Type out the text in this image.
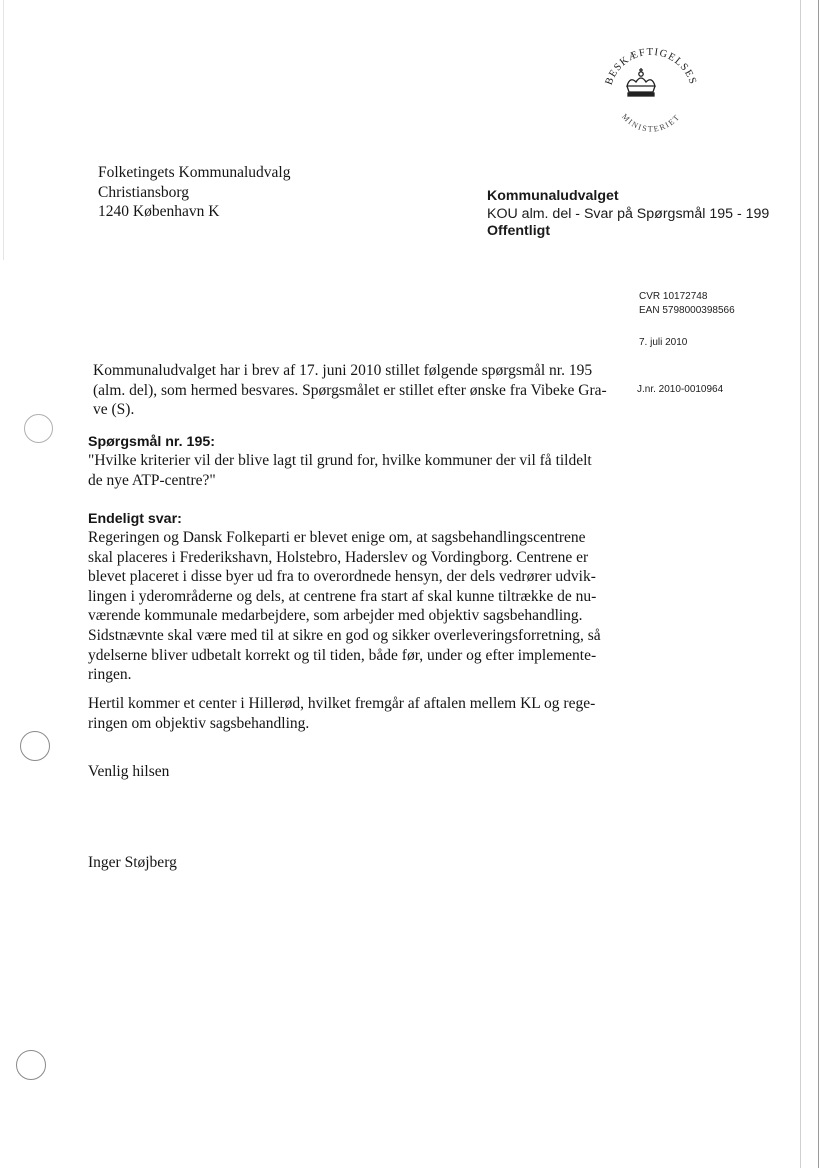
BESKÆFTIGELSES
MINISTERIET
Folketingets Kommunaludvalg
Christiansborg
1240 København K
Kommunaludvalget
KOU alm. del - Svar på Spørgsmål 195 - 199
Offentligt
CVR 10172748
EAN 5798000398566
7. juli 2010
J.nr. 2010-0010964
Kommunaludvalget har i brev af 17. juni 2010 stillet følgende spørgsmål nr. 195
(alm. del), som hermed besvares. Spørgsmålet er stillet efter ønske fra Vibeke Gra-
ve (S).
Spørgsmål nr. 195:
"Hvilke kriterier vil der blive lagt til grund for, hvilke kommuner der vil få tildelt
de nye ATP-centre?"
Endeligt svar:
Regeringen og Dansk Folkeparti er blevet enige om, at sagsbehandlingscentrene
skal placeres i Frederikshavn, Holstebro, Haderslev og Vordingborg. Centrene er
blevet placeret i disse byer ud fra to overordnede hensyn, der dels vedrører udvik-
lingen i yderområderne og dels, at centrene fra start af skal kunne tiltrække de nu-
værende kommunale medarbejdere, som arbejder med objektiv sagsbehandling.
Sidstnævnte skal være med til at sikre en god og sikker overleveringsforretning, så
ydelserne bliver udbetalt korrekt og til tiden, både før, under og efter implemente-
ringen.
Hertil kommer et center i Hillerød, hvilket fremgår af aftalen mellem KL og rege-
ringen om objektiv sagsbehandling.
Venlig hilsen
Inger Støjberg
